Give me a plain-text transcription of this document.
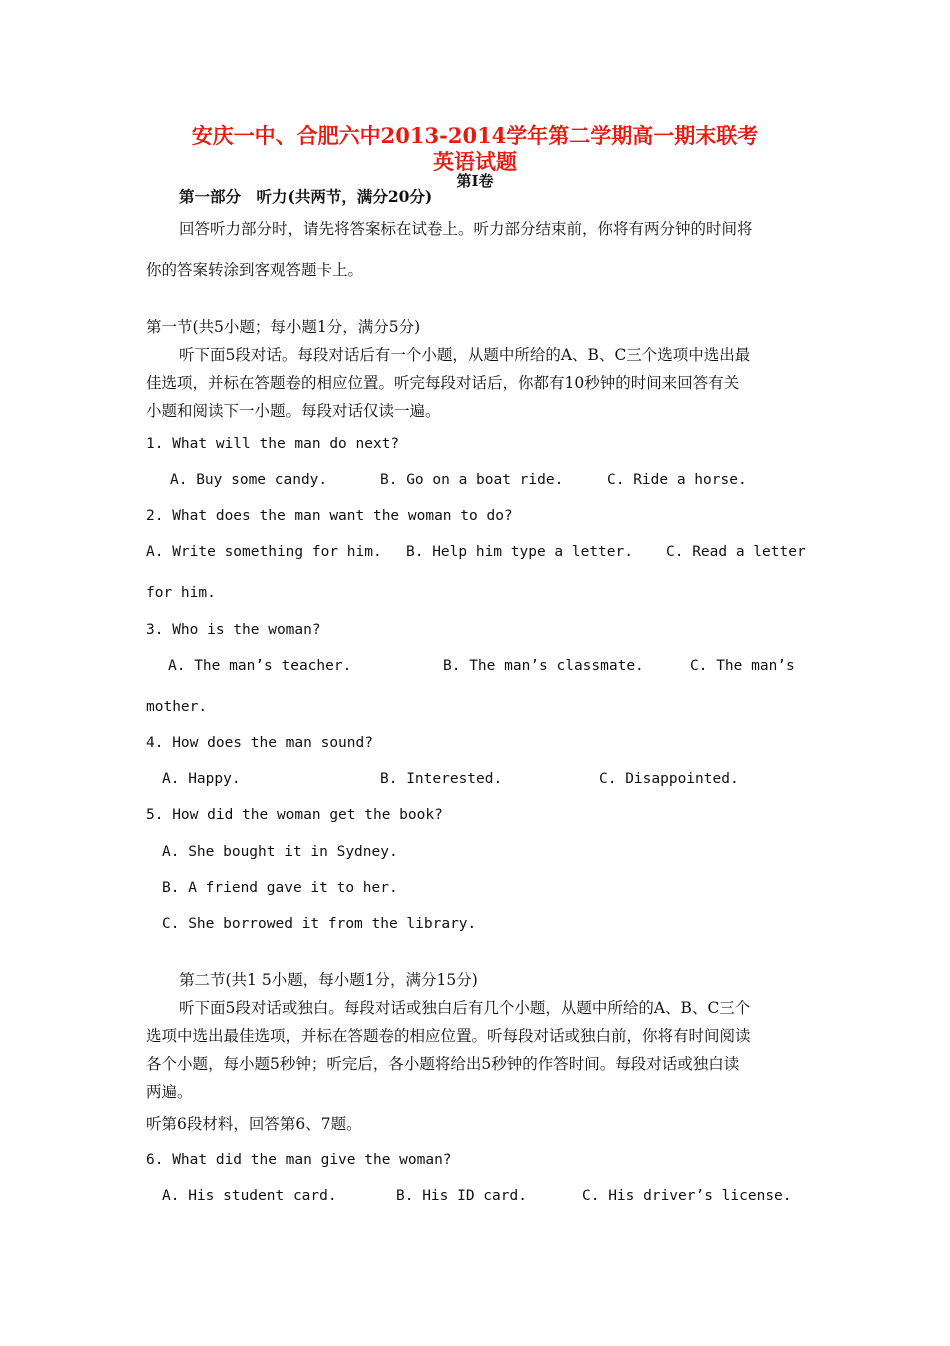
安庆一中、合肥六中2013-2014学年第二学期高一期末联考
英语试题
第Ⅰ卷
第一部分　听力(共两节，满分20分)
回答听力部分时，请先将答案标在试卷上。听力部分结束前，你将有两分钟的时间将
你的答案转涂到客观答题卡上。
第一节(共5小题；每小题1分，满分5分)
听下面5段对话。每段对话后有一个小题，从题中所给的A、B、C三个选项中选出最
佳选项，并标在答题卷的相应位置。听完每段对话后，你都有10秒钟的时间来回答有关
小题和阅读下一小题。每段对话仅读一遍。
1. What will the man do next?
A. Buy some candy.	B. Go on a boat ride.	C. Ride a horse.
2. What does the man want the woman to do?
A. Write something for him. B. Help him type a letter. C. Read a letter
for him.
3. Who is the woman?
A. The man’s teacher.	B. The man’s classmate.	C. The man’s
mother.
4. How does the man sound?
A. Happy.	B. Interested.	C. Disappointed.
5. How did the woman get the book?
A. She bought it in Sydney.
B. A friend gave it to her.
C. She borrowed it from the library.
第二节(共1 5小题，每小题1分，满分15分)
听下面5段对话或独白。每段对话或独白后有几个小题，从题中所给的A、B、C三个
选项中选出最佳选项，并标在答题卷的相应位置。听每段对话或独白前，你将有时间阅读
各个小题，每小题5秒钟；听完后，各小题将给出5秒钟的作答时间。每段对话或独白读
两遍。
听第6段材料，回答第6、7题。
6. What did the man give the woman?
A. His student card.	B. His ID card.	C. His driver’s license.
